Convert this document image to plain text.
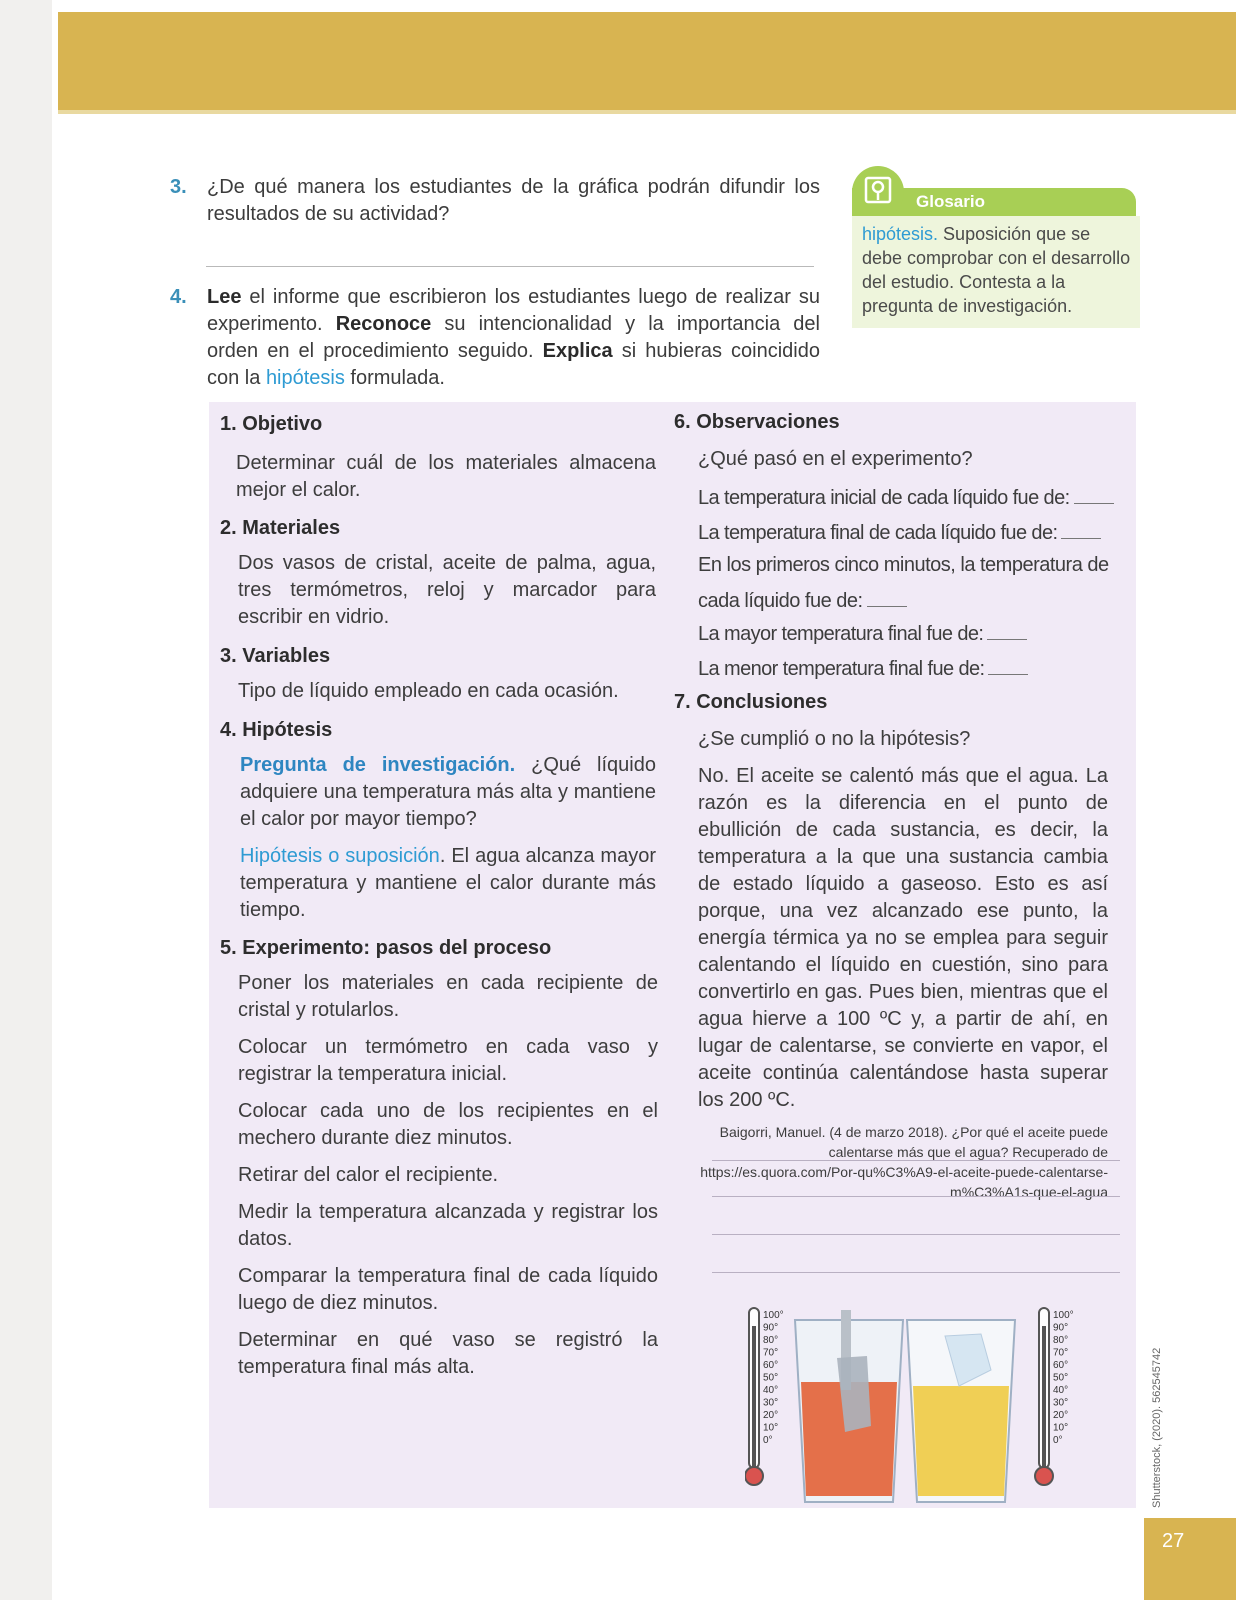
3. ¿De qué manera los estudiantes de la gráfica podrán difundir los resultados de su actividad?
4. Lee el informe que escribieron los estudiantes luego de realizar su experimento. Reconoce su intencionalidad y la importancia del orden en el procedimiento seguido. Explica si hubieras coincidido con la hipótesis formulada.
Glosario
hipótesis. Suposición que se debe comprobar con el desarrollo del estudio. Contesta a la pregunta de investigación.
1. Objetivo

Determinar cuál de los materiales almacena mejor el calor.

2. Materiales

Dos vasos de cristal, aceite de palma, agua, tres termómetros, reloj y marcador para escribir en vidrio.

3. Variables

Tipo de líquido empleado en cada ocasión.

4. Hipótesis

Pregunta de investigación. ¿Qué líquido adquiere una temperatura más alta y mantiene el calor por mayor tiempo?

Hipótesis o suposición. El agua alcanza mayor temperatura y mantiene el calor durante más tiempo.

5. Experimento: pasos del proceso

Poner los materiales en cada recipiente de cristal y rotularlos.

Colocar un termómetro en cada vaso y registrar la temperatura inicial.

Colocar cada uno de los recipientes en el mechero durante diez minutos.

Retirar del calor el recipiente.

Medir la temperatura alcanzada y registrar los datos.

Comparar la temperatura final de cada líquido luego de diez minutos.

Determinar en qué vaso se registró la temperatura final más alta.

6. Observaciones

¿Qué pasó en el experimento?

La temperatura inicial de cada líquido fue de:

La temperatura final de cada líquido fue de:

En los primeros cinco minutos, la temperatura de cada líquido fue de:

La mayor temperatura final fue de:

La menor temperatura final fue de:

7. Conclusiones

¿Se cumplió o no la hipótesis?

No. El aceite se calentó más que el agua. La razón es la diferencia en el punto de ebullición de cada sustancia, es decir, la temperatura a la que una sustancia cambia de estado líquido a gaseoso. Esto es así porque, una vez alcanzado ese punto, la energía térmica ya no se emplea para seguir calentando el líquido en cuestión, sino para convertirlo en gas. Pues bien, mientras que el agua hierve a 100 ºC y, a partir de ahí, en lugar de calentarse, se convierte en vapor, el aceite continúa calentándose hasta superar los 200 ºC.

Baigorri, Manuel. (4 de marzo 2018). ¿Por qué el aceite puede calentarse más que el agua? Recuperado de https://es.quora.com/Por-qu%C3%A9-el-aceite-puede-calentarse-m%C3%A1s-que-el-agua

100°
90°
80°
70°
60°
50°
40°
30°
20°
10°
0°
100°
90°
80°
70°
60°
50°
40°
30°
20°
10°
0°	Shutterstock, (2020). 562545742
27
